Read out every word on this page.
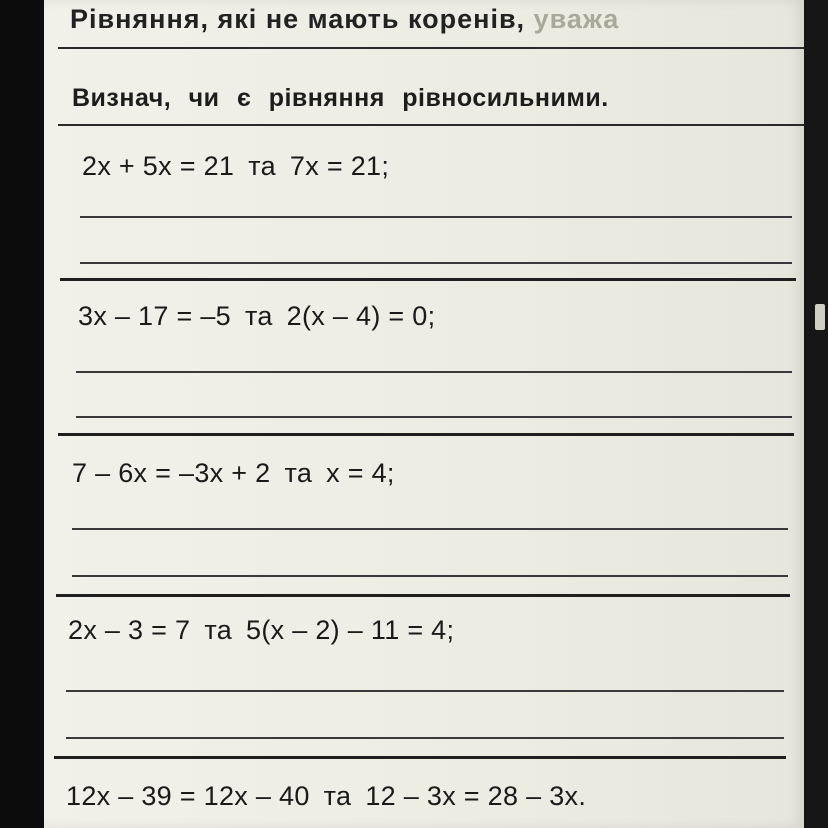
Рівняння, які не мають коренів, уважа
Визнач, чи є рівняння рівносильними.
2x + 5x = 21 та 7x = 21;
3x – 17 = –5 та 2(x – 4) = 0;
7 – 6x = –3x + 2 та x = 4;
2x – 3 = 7 та 5(x – 2) – 11 = 4;
12x – 39 = 12x – 40 та 12 – 3x = 28 – 3x.
